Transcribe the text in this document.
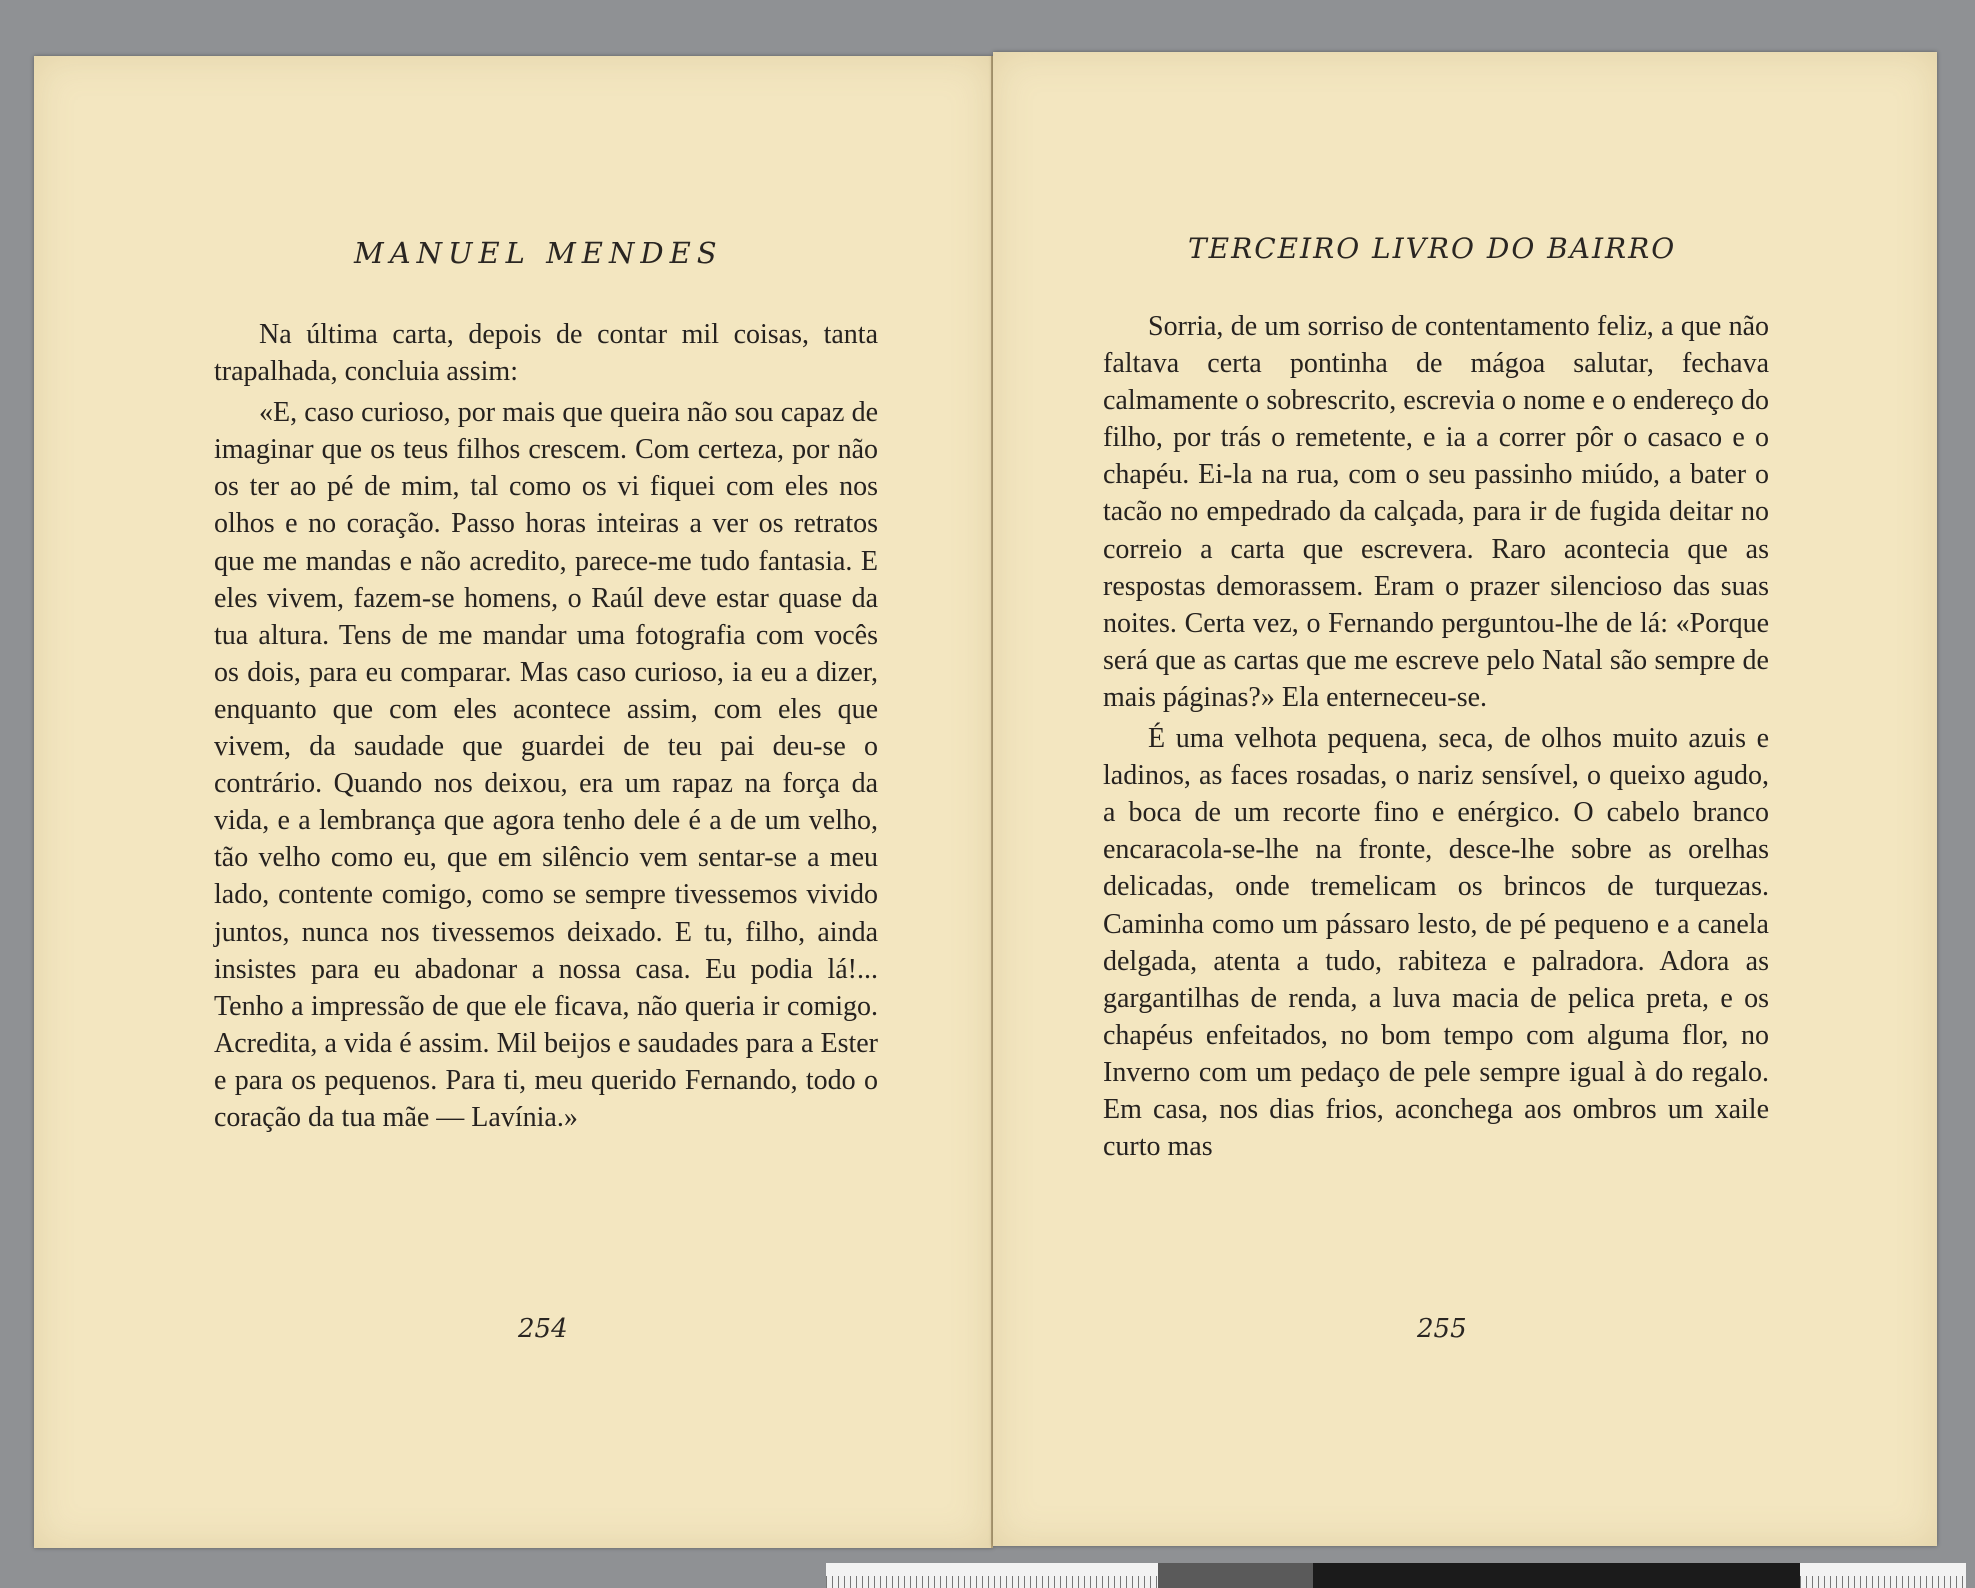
MANUEL MENDES

Na última carta, depois de contar mil coisas, tanta trapalhada, concluia assim:

«E, caso curioso, por mais que queira não sou capaz de imaginar que os teus filhos crescem. Com certeza, por não os ter ao pé de mim, tal como os vi fiquei com eles nos olhos e no coração. Passo horas inteiras a ver os retratos que me mandas e não acredito, parece-me tudo fantasia. E eles vivem, fazem-se homens, o Raúl deve estar quase da tua altura. Tens de me mandar uma fotografia com vocês os dois, para eu comparar. Mas caso curioso, ia eu a dizer, enquanto que com eles acontece assim, com eles que vivem, da saudade que guardei de teu pai deu-se o contrário. Quando nos deixou, era um rapaz na força da vida, e a lembrança que agora tenho dele é a de um velho, tão velho como eu, que em silêncio vem sentar-se a meu lado, contente comigo, como se sempre tivessemos vivido juntos, nunca nos tivessemos deixado. E tu, filho, ainda insistes para eu abadonar a nossa casa. Eu podia lá!... Tenho a impressão de que ele ficava, não queria ir comigo. Acredita, a vida é assim. Mil beijos e saudades para a Ester e para os pequenos. Para ti, meu querido Fernando, todo o coração da tua mãe — Lavínia.»

254
TERCEIRO LIVRO DO BAIRRO

Sorria, de um sorriso de contentamento feliz, a que não faltava certa pontinha de mágoa salutar, fechava calmamente o sobrescrito, escrevia o nome e o endereço do filho, por trás o remetente, e ia a correr pôr o casaco e o chapéu. Ei-la na rua, com o seu passinho miúdo, a bater o tacão no empedrado da calçada, para ir de fugida deitar no correio a carta que escrevera. Raro acontecia que as respostas demorassem. Eram o prazer silencioso das suas noites. Certa vez, o Fernando perguntou-lhe de lá: «Porque será que as cartas que me escreve pelo Natal são sempre de mais páginas?» Ela enterneceu-se.

É uma velhota pequena, seca, de olhos muito azuis e ladinos, as faces rosadas, o nariz sensível, o queixo agudo, a boca de um recorte fino e enérgico. O cabelo branco encaracola-se-lhe na fronte, desce-lhe sobre as orelhas delicadas, onde tremelicam os brincos de turquezas. Caminha como um pássaro lesto, de pé pequeno e a canela delgada, atenta a tudo, rabiteza e palradora. Adora as gargantilhas de renda, a luva macia de pelica preta, e os chapéus enfeitados, no bom tempo com alguma flor, no Inverno com um pedaço de pele sempre igual à do regalo. Em casa, nos dias frios, aconchega aos ombros um xaile curto mas

255
